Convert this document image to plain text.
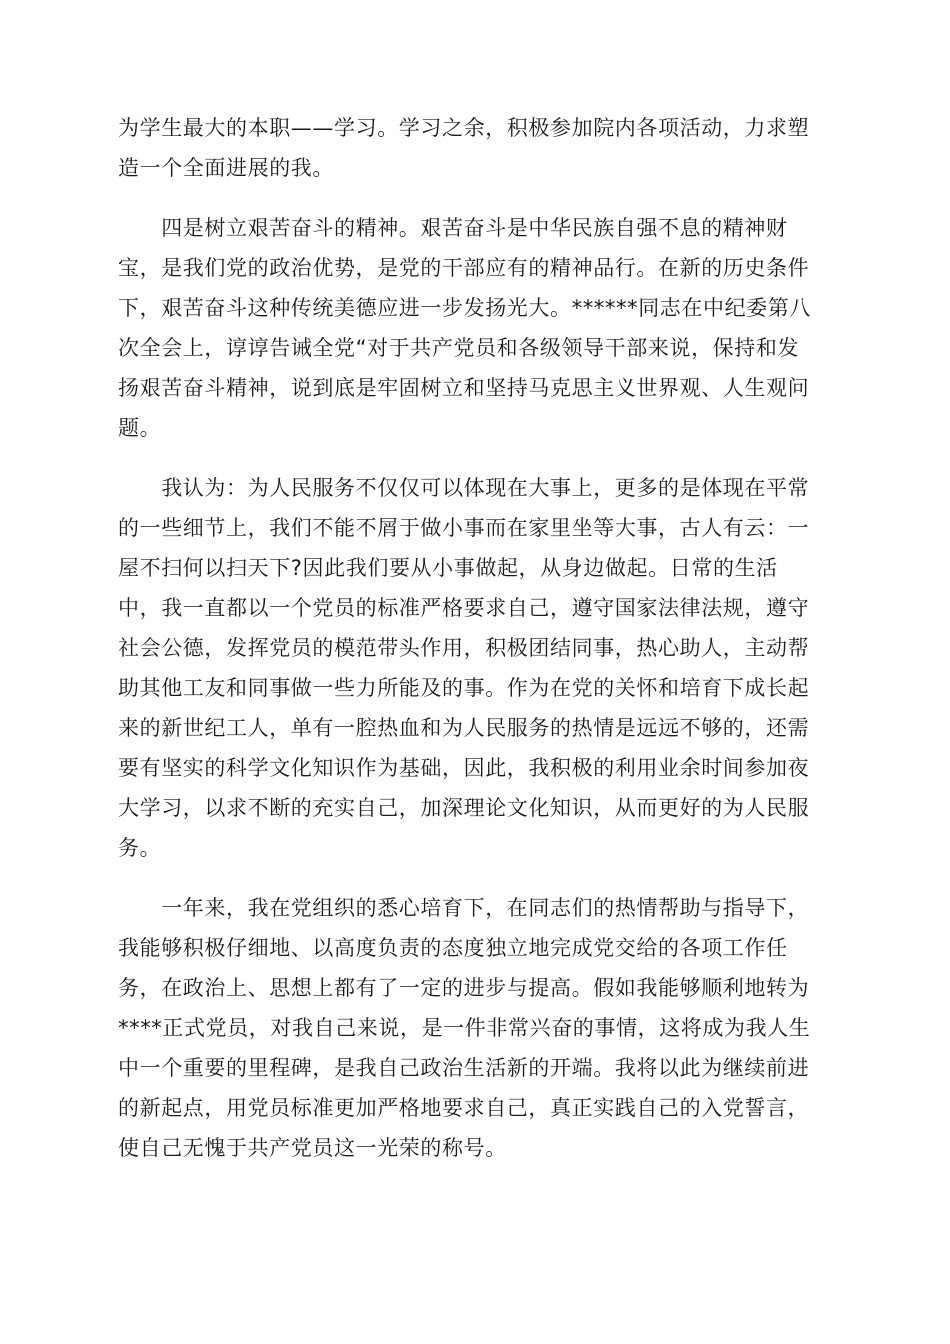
为学生最大的本职——学习。学习之余，积极参加院内各项活动，力求塑
造一个全面进展的我。
　　四是树立艰苦奋斗的精神。艰苦奋斗是中华民族自强不息的精神财
宝，是我们党的政治优势，是党的干部应有的精神品行。在新的历史条件
下，艰苦奋斗这种传统美德应进一步发扬光大。******同志在中纪委第八
次全会上，谆谆告诫全党“对于共产党员和各级领导干部来说，保持和发
扬艰苦奋斗精神，说到底是牢固树立和坚持马克思主义世界观、人生观问
题。
　　我认为：为人民服务不仅仅可以体现在大事上，更多的是体现在平常
的一些细节上，我们不能不屑于做小事而在家里坐等大事，古人有云：一
屋不扫何以扫天下?因此我们要从小事做起，从身边做起。日常的生活
中，我一直都以一个党员的标准严格要求自己，遵守国家法律法规，遵守
社会公德，发挥党员的模范带头作用，积极团结同事，热心助人，主动帮
助其他工友和同事做一些力所能及的事。作为在党的关怀和培育下成长起
来的新世纪工人，单有一腔热血和为人民服务的热情是远远不够的，还需
要有坚实的科学文化知识作为基础，因此，我积极的利用业余时间参加夜
大学习，以求不断的充实自己，加深理论文化知识，从而更好的为人民服
务。
　　一年来，我在党组织的悉心培育下，在同志们的热情帮助与指导下，
我能够积极仔细地、以高度负责的态度独立地完成党交给的各项工作任
务，在政治上、思想上都有了一定的进步与提高。假如我能够顺利地转为
****正式党员，对我自己来说，是一件非常兴奋的事情，这将成为我人生
中一个重要的里程碑，是我自己政治生活新的开端。我将以此为继续前进
的新起点，用党员标准更加严格地要求自己，真正实践自己的入党誓言，
使自己无愧于共产党员这一光荣的称号。
